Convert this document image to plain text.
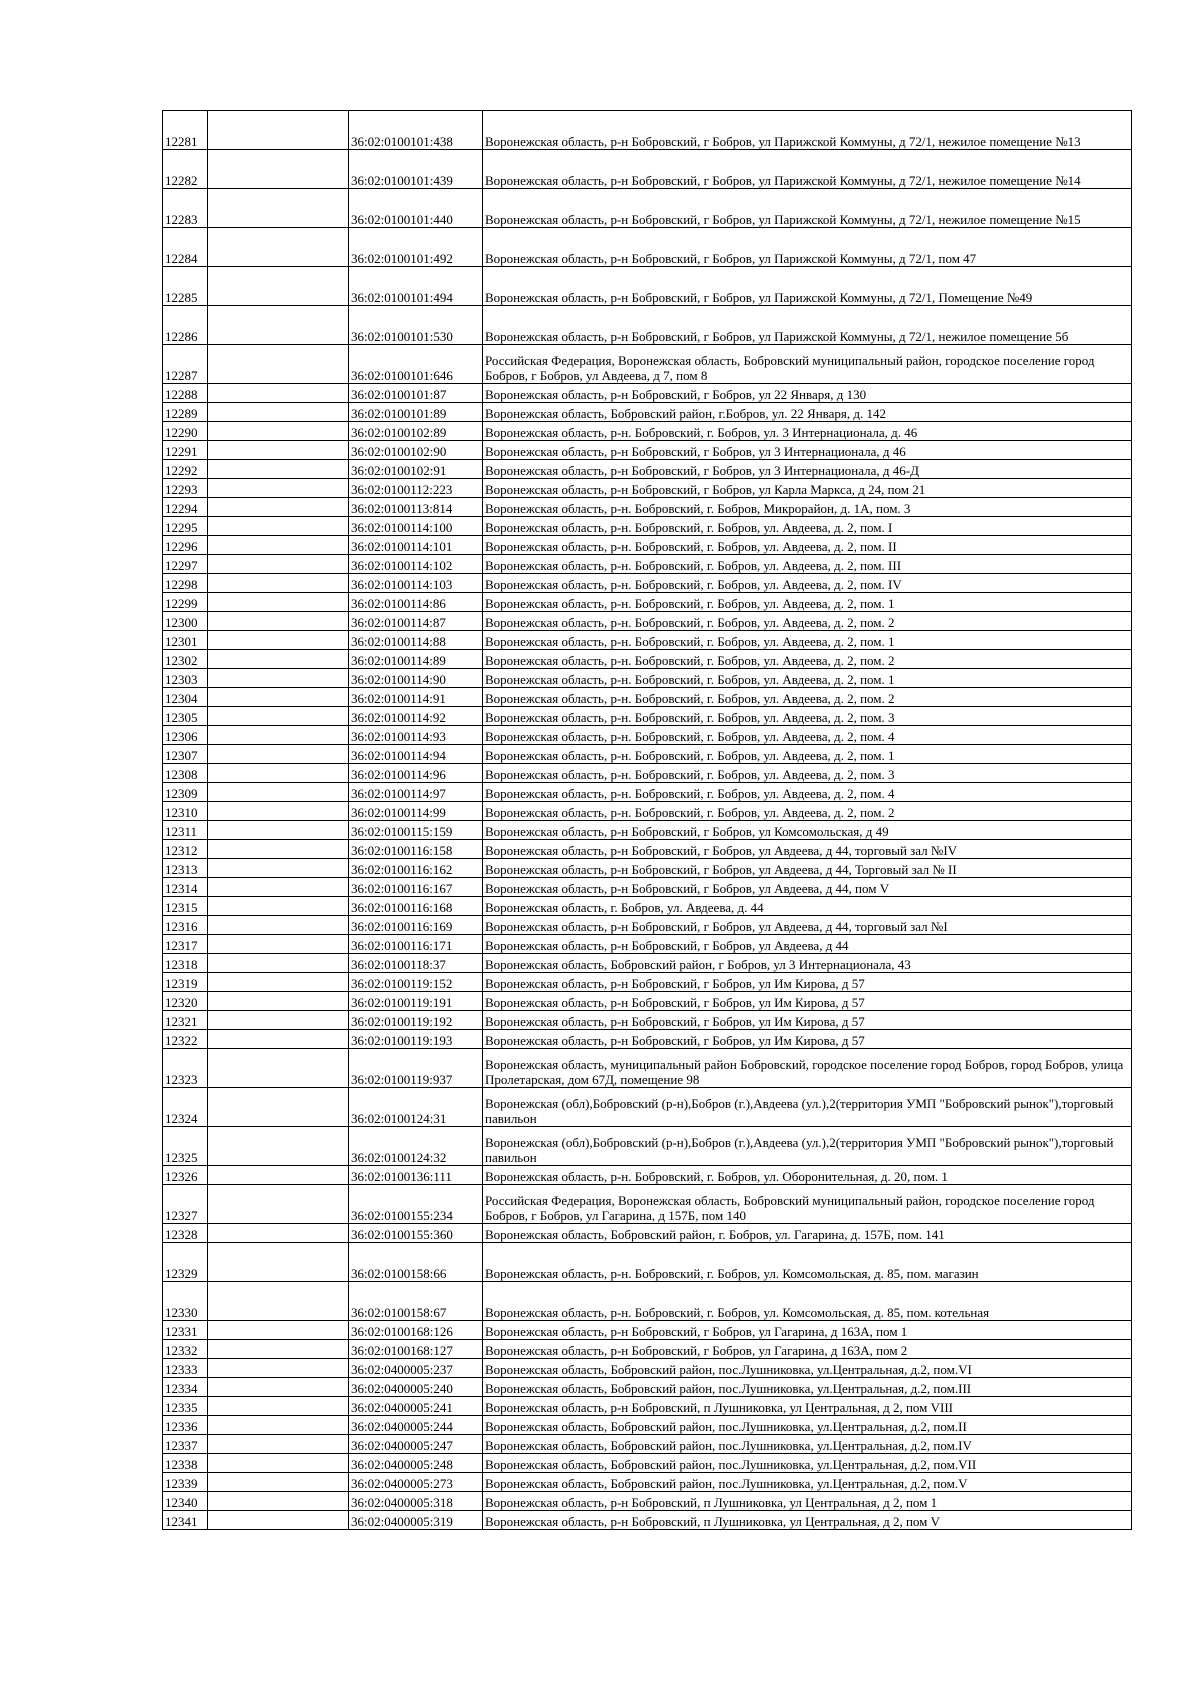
12281		36:02:0100101:438	Воронежская область, р-н Бобровский, г Бобров, ул Парижской Коммуны, д 72/1, нежилое помещение №13
12282		36:02:0100101:439	Воронежская область, р-н Бобровский, г Бобров, ул Парижской Коммуны, д 72/1, нежилое помещение №14
12283		36:02:0100101:440	Воронежская область, р-н Бобровский, г Бобров, ул Парижской Коммуны, д 72/1, нежилое помещение №15
12284		36:02:0100101:492	Воронежская область, р-н Бобровский, г Бобров, ул Парижской Коммуны, д 72/1, пом 47
12285		36:02:0100101:494	Воронежская область, р-н Бобровский, г Бобров, ул Парижской Коммуны, д 72/1, Помещение №49
12286		36:02:0100101:530	Воронежская область, р-н Бобровский, г Бобров, ул Парижской Коммуны, д 72/1, нежилое помещение 5б
12287		36:02:0100101:646	Российская Федерация, Воронежская область, Бобровский муниципальный район, городское поселение город Бобров, г Бобров, ул Авдеева, д 7, пом 8
12288		36:02:0100101:87	Воронежская область, р-н Бобровский, г Бобров, ул 22 Января, д 130
12289		36:02:0100101:89	Воронежская область, Бобровский район, г.Бобров, ул. 22 Января, д. 142
12290		36:02:0100102:89	Воронежская область, р-н. Бобровский, г. Бобров, ул. 3 Интернационала, д. 46
12291		36:02:0100102:90	Воронежская область, р-н Бобровский, г Бобров, ул 3 Интернационала, д 46
12292		36:02:0100102:91	Воронежская область, р-н Бобровский, г Бобров, ул 3 Интернационала, д 46-Д
12293		36:02:0100112:223	Воронежская область, р-н Бобровский, г Бобров, ул Карла Маркса, д 24, пом 21
12294		36:02:0100113:814	Воронежская область, р-н. Бобровский, г. Бобров, Микрорайон, д. 1А, пом. 3
12295		36:02:0100114:100	Воронежская область, р-н. Бобровский, г. Бобров, ул. Авдеева, д. 2, пом. I
12296		36:02:0100114:101	Воронежская область, р-н. Бобровский, г. Бобров, ул. Авдеева, д. 2, пом. II
12297		36:02:0100114:102	Воронежская область, р-н. Бобровский, г. Бобров, ул. Авдеева, д. 2, пом. III
12298		36:02:0100114:103	Воронежская область, р-н. Бобровский, г. Бобров, ул. Авдеева, д. 2, пом. IV
12299		36:02:0100114:86	Воронежская область, р-н. Бобровский, г. Бобров, ул. Авдеева, д. 2, пом. 1
12300		36:02:0100114:87	Воронежская область, р-н. Бобровский, г. Бобров, ул. Авдеева, д. 2, пом. 2
12301		36:02:0100114:88	Воронежская область, р-н. Бобровский, г. Бобров, ул. Авдеева, д. 2, пом. 1
12302		36:02:0100114:89	Воронежская область, р-н. Бобровский, г. Бобров, ул. Авдеева, д. 2, пом. 2
12303		36:02:0100114:90	Воронежская область, р-н. Бобровский, г. Бобров, ул. Авдеева, д. 2, пом. 1
12304		36:02:0100114:91	Воронежская область, р-н. Бобровский, г. Бобров, ул. Авдеева, д. 2, пом. 2
12305		36:02:0100114:92	Воронежская область, р-н. Бобровский, г. Бобров, ул. Авдеева, д. 2, пом. 3
12306		36:02:0100114:93	Воронежская область, р-н. Бобровский, г. Бобров, ул. Авдеева, д. 2, пом. 4
12307		36:02:0100114:94	Воронежская область, р-н. Бобровский, г. Бобров, ул. Авдеева, д. 2, пом. 1
12308		36:02:0100114:96	Воронежская область, р-н. Бобровский, г. Бобров, ул. Авдеева, д. 2, пом. 3
12309		36:02:0100114:97	Воронежская область, р-н. Бобровский, г. Бобров, ул. Авдеева, д. 2, пом. 4
12310		36:02:0100114:99	Воронежская область, р-н. Бобровский, г. Бобров, ул. Авдеева, д. 2, пом. 2
12311		36:02:0100115:159	Воронежская область, р-н Бобровский, г Бобров, ул Комсомольская, д 49
12312		36:02:0100116:158	Воронежская область, р-н Бобровский, г Бобров, ул Авдеева, д 44, торговый зал №IV
12313		36:02:0100116:162	Воронежская область, р-н Бобровский, г Бобров, ул Авдеева, д 44, Торговый зал № II
12314		36:02:0100116:167	Воронежская область, р-н Бобровский, г Бобров, ул Авдеева, д 44, пом V
12315		36:02:0100116:168	Воронежская область, г. Бобров, ул. Авдеева, д. 44
12316		36:02:0100116:169	Воронежская область, р-н Бобровский, г Бобров, ул Авдеева, д 44, торговый зал №I
12317		36:02:0100116:171	Воронежская область, р-н Бобровский, г Бобров, ул Авдеева, д 44
12318		36:02:0100118:37	Воронежская область, Бобровский район, г Бобров, ул 3 Интернационала, 43
12319		36:02:0100119:152	Воронежская область, р-н Бобровский, г Бобров, ул Им Кирова, д 57
12320		36:02:0100119:191	Воронежская область, р-н Бобровский, г Бобров, ул Им Кирова, д 57
12321		36:02:0100119:192	Воронежская область, р-н Бобровский, г Бобров, ул Им Кирова, д 57
12322		36:02:0100119:193	Воронежская область, р-н Бобровский, г Бобров, ул Им Кирова, д 57
12323		36:02:0100119:937	Воронежская область, муниципальный район Бобровский, городское поселение город Бобров, город Бобров, улица Пролетарская, дом 67Д, помещение 98
12324		36:02:0100124:31	Воронежская (обл),Бобровский (р-н),Бобров (г.),Авдеева (ул.),2(территория УМП "Бобровский рынок"),торговый павильон
12325		36:02:0100124:32	Воронежская (обл),Бобровский (р-н),Бобров (г.),Авдеева (ул.),2(территория УМП "Бобровский рынок"),торговый павильон
12326		36:02:0100136:111	Воронежская область, р-н. Бобровский, г. Бобров, ул. Оборонительная, д. 20, пом. 1
12327		36:02:0100155:234	Российская Федерация, Воронежская область, Бобровский муниципальный район, городское поселение город Бобров, г Бобров, ул Гагарина, д 157Б, пом 140
12328		36:02:0100155:360	Воронежская область, Бобровский район, г. Бобров, ул. Гагарина, д. 157Б, пом. 141
12329		36:02:0100158:66	Воронежская область, р-н. Бобровский, г. Бобров, ул. Комсомольская, д. 85, пом. магазин
12330		36:02:0100158:67	Воронежская область, р-н. Бобровский, г. Бобров, ул. Комсомольская, д. 85, пом. котельная
12331		36:02:0100168:126	Воронежская область, р-н Бобровский, г Бобров, ул Гагарина, д 163А, пом 1
12332		36:02:0100168:127	Воронежская область, р-н Бобровский, г Бобров, ул Гагарина, д 163А, пом 2
12333		36:02:0400005:237	Воронежская область, Бобровский район, пос.Лушниковка, ул.Центральная, д.2, пом.VI
12334		36:02:0400005:240	Воронежская область, Бобровский район, пос.Лушниковка, ул.Центральная, д.2, пом.III
12335		36:02:0400005:241	Воронежская область, р-н Бобровский, п Лушниковка, ул Центральная, д 2, пом VIII
12336		36:02:0400005:244	Воронежская область, Бобровский район, пос.Лушниковка, ул.Центральная, д.2, пом.II
12337		36:02:0400005:247	Воронежская область, Бобровский район, пос.Лушниковка, ул.Центральная, д.2, пом.IV
12338		36:02:0400005:248	Воронежская область, Бобровский район, пос.Лушниковка, ул.Центральная, д.2, пом.VII
12339		36:02:0400005:273	Воронежская область, Бобровский район, пос.Лушниковка, ул.Центральная, д.2, пом.V
12340		36:02:0400005:318	Воронежская область, р-н Бобровский, п Лушниковка, ул Центральная, д 2, пом 1
12341		36:02:0400005:319	Воронежская область, р-н Бобровский, п Лушниковка, ул Центральная, д 2, пом V
